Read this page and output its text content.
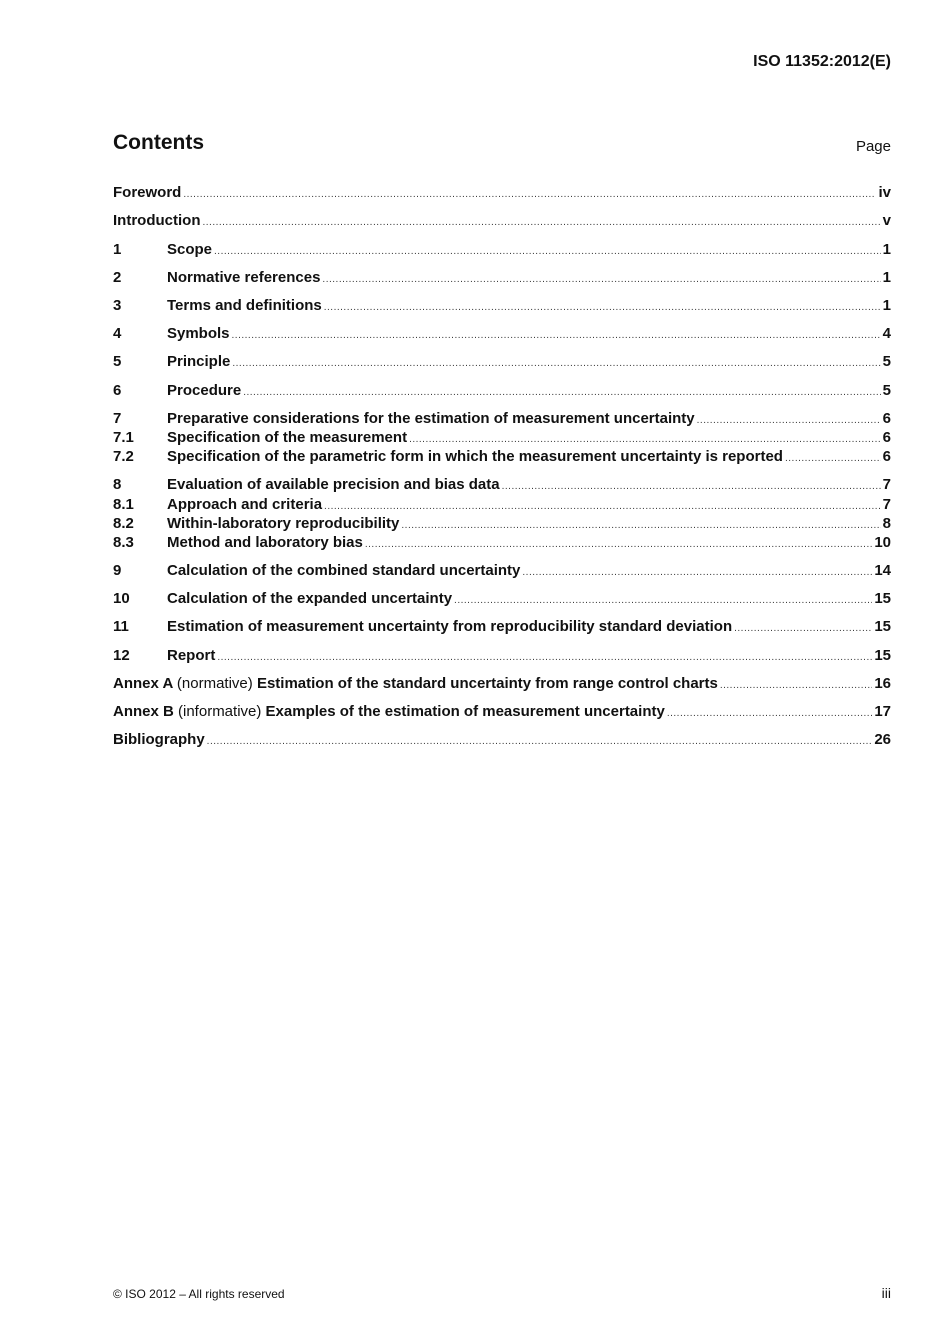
ISO 11352:2012(E)
Contents	Page
Foreword .....	iv
Introduction .....	v
1	Scope .....	1
2	Normative references .....	1
3	Terms and definitions .....	1
4	Symbols .....	4
5	Principle .....	5
6	Procedure .....	5
7	Preparative considerations for the estimation of measurement uncertainty .....	6
7.1	Specification of the measurement .....	6
7.2	Specification of the parametric form in which the measurement uncertainty is reported .....	6
8	Evaluation of available precision and bias data .....	7
8.1	Approach and criteria .....	7
8.2	Within-laboratory reproducibility .....	8
8.3	Method and laboratory bias .....	10
9	Calculation of the combined standard uncertainty .....	14
10	Calculation of the expanded uncertainty .....	15
11	Estimation of measurement uncertainty from reproducibility standard deviation .....	15
12	Report .....	15
Annex A (normative) Estimation of the standard uncertainty from range control charts .....	16
Annex B (informative) Examples of the estimation of measurement uncertainty .....	17
Bibliography .....	26
© ISO 2012 – All rights reserved	iii
